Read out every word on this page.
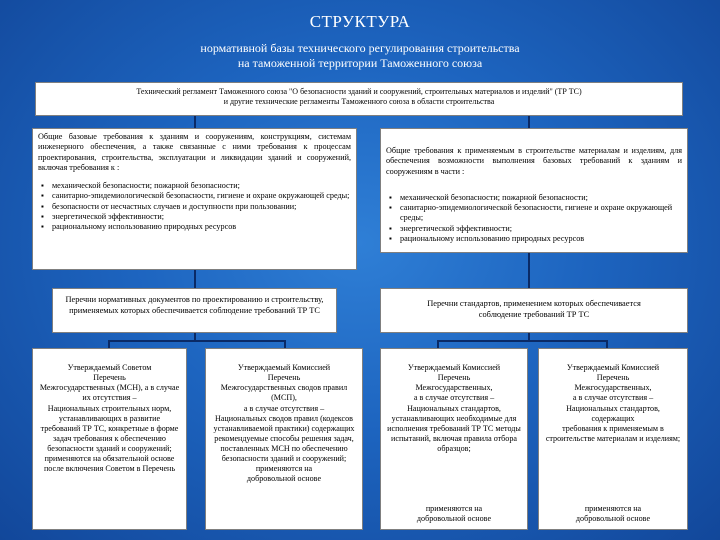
СТРУКТУРА
нормативной базы технического регулирования строительства
на таможенной территории Таможенного союза
Технический регламент Таможенного союза "О безопасности зданий и сооружений, строительных материалов и изделий" (ТР ТС)
и другие технические регламенты Таможенного союза в области строительства
Общие базовые требования к зданиям и сооружениям, конструкциям, системам инженерного обеспечения, а также связанные с ними требования к процессам проектирования, строительства, эксплуатации и ликвидации зданий и сооружений, включая требования к :
▪ механической безопасности; пожарной безопасности;
▪ санитарно-эпидемиологической безопасности, гигиене и охране окружающей среды;
▪ безопасности от несчастных случаев и доступности при пользовании;
▪ энергетической эффективности;
▪ рациональному использованию природных ресурсов
Общие требования к применяемым в строительстве материалам и изделиям, для обеспечения возможности выполнения базовых требований к зданиям и сооружениям в части :
▪ механической безопасности; пожарной безопасности;
▪ санитарно-эпидемиологической безопасности, гигиене и охране окружающей среды;
▪ энергетической эффективности;
▪ рациональному использованию природных ресурсов
Перечни нормативных документов по проектированию и строительству, применяемых которых обеспечивается соблюдение требований ТР ТС
Перечни стандартов, применением которых обеспечивается соблюдение требований ТР ТС

Утверждаемый Советом
Перечень
Межгосударственных (МСН), а в случае их отсутствия –
Национальных строительных норм, устанавливающих в развитие требований ТР ТС, конкретные в форме задач требования к обеспечению безопасности зданий и сооружений;
применяются на обязательной основе после включения Советом в Перечень

Утверждаемый Комиссией
Перечень
Межгосударственных сводов правил (МСП),
а в случае отсутствия –
Национальных сводов правил (кодексов устанавливаемой практики) содержащих рекомендуемые способы решения задач, поставленных МСН по обеспечению безопасности зданий и сооружений;
применяются на
добровольной основе

Утверждаемый Комиссией
Перечень
Межгосударственных,
а в случае отсутствия –
Национальных стандартов, устанавливающих необходимые для исполнения требований ТР ТС методы испытаний, включая правила отбора образцов;

применяются на
добровольной основе

Утверждаемый Комиссией
Перечень
Межгосударственных,
а в случае отсутствия –
Национальных стандартов, содержащих
требования к применяемым в строительстве материалам и изделиям;

применяются на
добровольной основе
